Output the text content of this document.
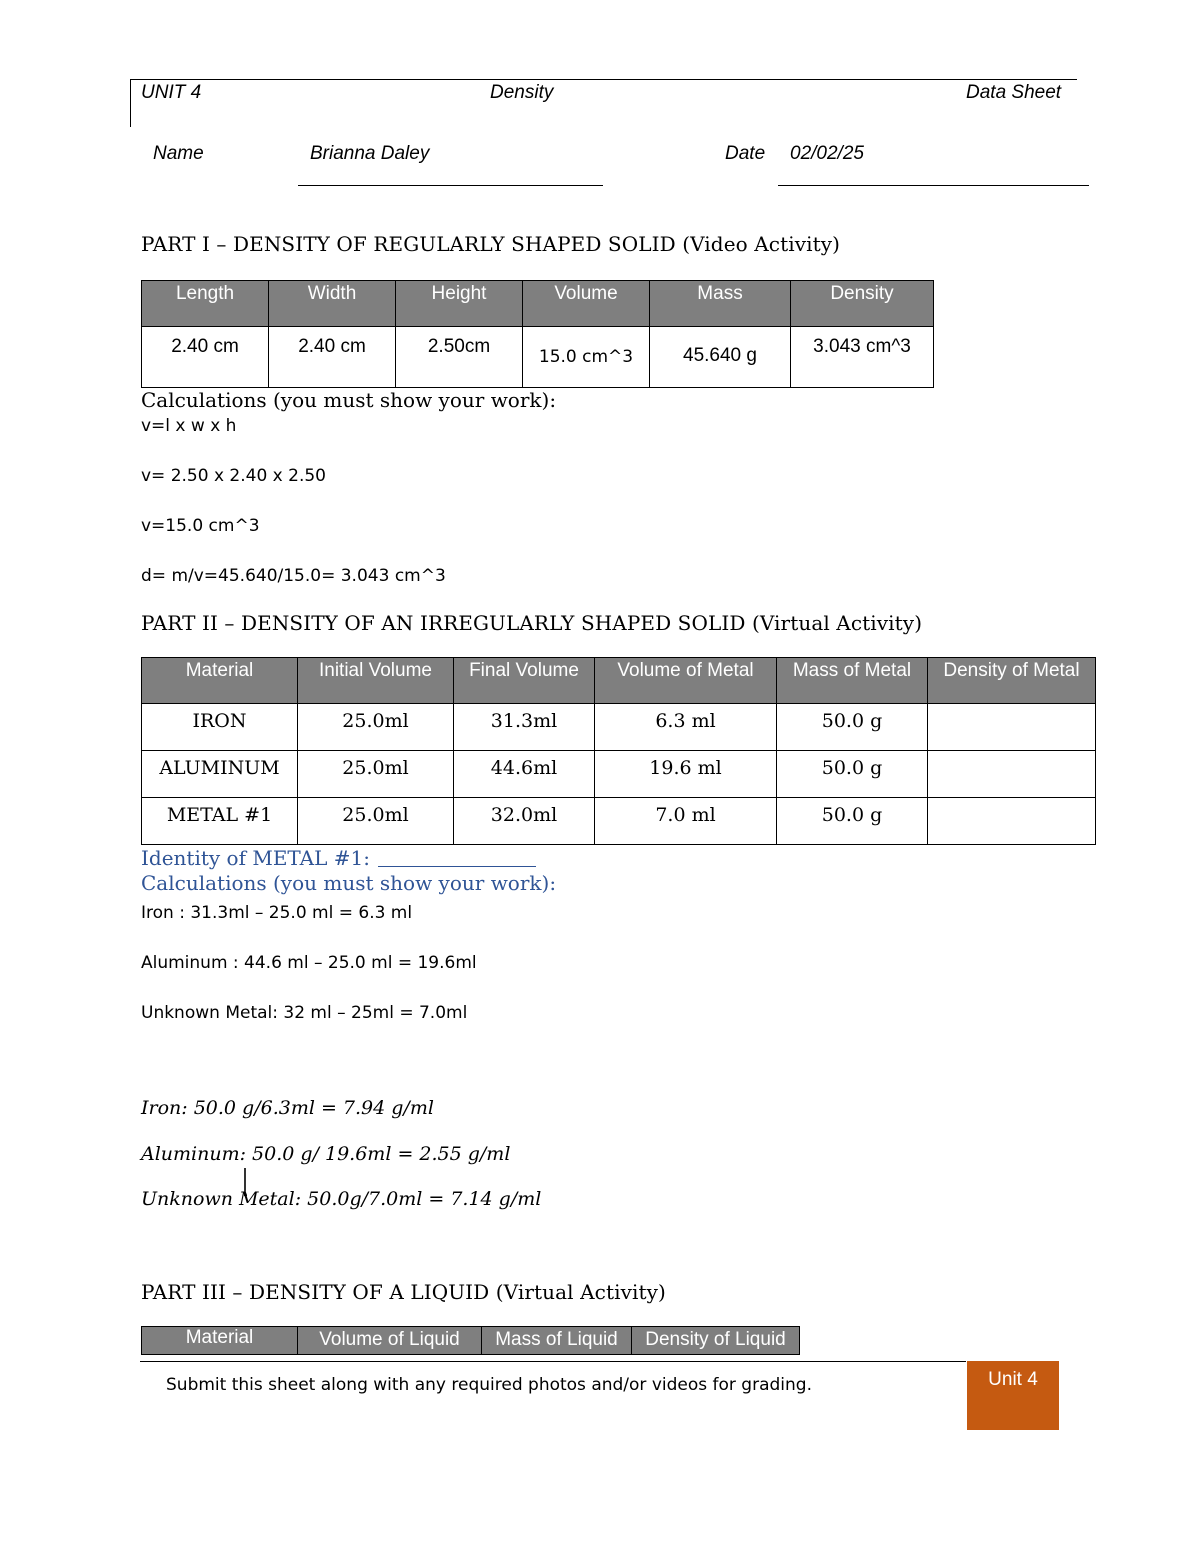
UNIT 4	Density	Data Sheet
Name	Brianna Daley	Date 02/02/25
PART I – DENSITY OF REGULARLY SHAPED SOLID (Video Activity)
Length	Width	Height	Volume	Mass	Density
2.40 cm	2.40 cm	2.50cm	15.0 cm^3	45.640 g	3.043 cm^3
Calculations (you must show your work):
v=l x w x h
v= 2.50 x 2.40 x 2.50
v=15.0 cm^3
d= m/v=45.640/15.0= 3.043 cm^3
PART II – DENSITY OF AN IRREGULARLY SHAPED SOLID (Virtual Activity)
Material	Initial Volume	Final Volume	Volume of Metal	Mass of Metal	Density of Metal
IRON	25.0ml	31.3ml	6.3 ml	50.0 g	
ALUMINUM	25.0ml	44.6ml	19.6 ml	50.0 g	
METAL #1	25.0ml	32.0ml	7.0 ml	50.0 g	
Identity of METAL #1:
Calculations (you must show your work):
Iron : 31.3ml – 25.0 ml = 6.3 ml
Aluminum : 44.6 ml – 25.0 ml = 19.6ml
Unknown Metal: 32 ml – 25ml = 7.0ml
Iron: 50.0 g/6.3ml = 7.94 g/ml
Aluminum: 50.0 g/ 19.6ml = 2.55 g/ml
Unknown Metal: 50.0g/7.0ml = 7.14 g/ml
PART III – DENSITY OF A LIQUID (Virtual Activity)
Material	Volume of Liquid	Mass of Liquid	Density of Liquid
Submit this sheet along with any required photos and/or videos for grading.	Unit 4
